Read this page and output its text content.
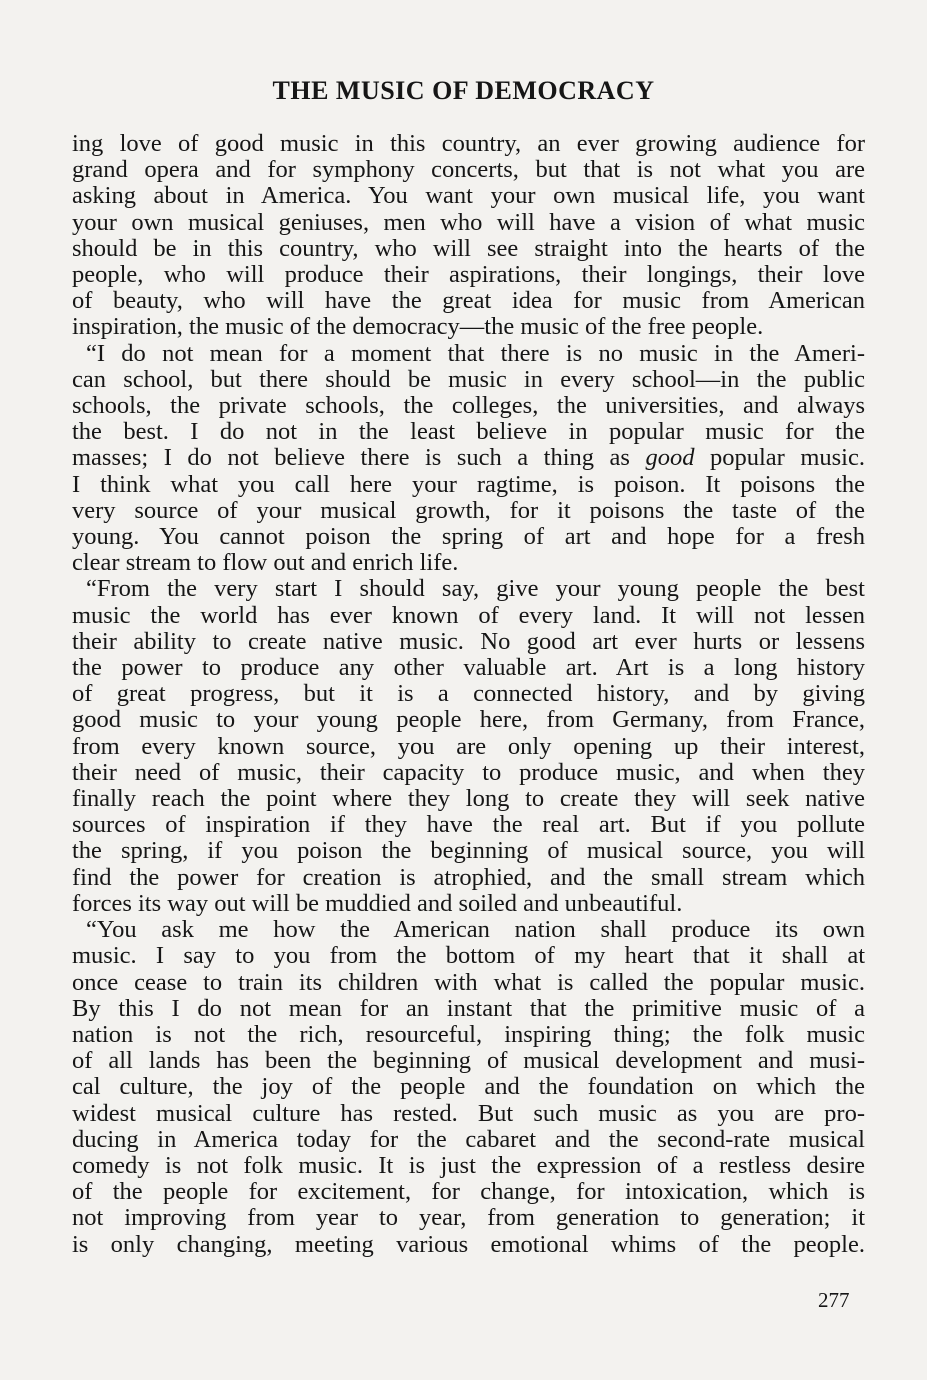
THE MUSIC OF DEMOCRACY
ing love of good music in this country, an ever growing audience for
grand opera and for symphony concerts, but that is not what you are
asking about in America. You want your own musical life, you want
your own musical geniuses, men who will have a vision of what music
should be in this country, who will see straight into the hearts of the
people, who will produce their aspirations, their longings, their love
of beauty, who will have the great idea for music from American
inspiration, the music of the democracy—the music of the free people.
“I do not mean for a moment that there is no music in the Ameri-
can school, but there should be music in every school—in the public
schools, the private schools, the colleges, the universities, and always
the best. I do not in the least believe in popular music for the
masses; I do not believe there is such a thing as good popular music.
I think what you call here your ragtime, is poison. It poisons the
very source of your musical growth, for it poisons the taste of the
young. You cannot poison the spring of art and hope for a fresh
clear stream to flow out and enrich life.
“From the very start I should say, give your young people the best
music the world has ever known of every land. It will not lessen
their ability to create native music. No good art ever hurts or lessens
the power to produce any other valuable art. Art is a long history
of great progress, but it is a connected history, and by giving
good music to your young people here, from Germany, from France,
from every known source, you are only opening up their interest,
their need of music, their capacity to produce music, and when they
finally reach the point where they long to create they will seek native
sources of inspiration if they have the real art. But if you pollute
the spring, if you poison the beginning of musical source, you will
find the power for creation is atrophied, and the small stream which
forces its way out will be muddied and soiled and unbeautiful.
“You ask me how the American nation shall produce its own
music. I say to you from the bottom of my heart that it shall at
once cease to train its children with what is called the popular music.
By this I do not mean for an instant that the primitive music of a
nation is not the rich, resourceful, inspiring thing; the folk music
of all lands has been the beginning of musical development and musi-
cal culture, the joy of the people and the foundation on which the
widest musical culture has rested. But such music as you are pro-
ducing in America today for the cabaret and the second-rate musical
comedy is not folk music. It is just the expression of a restless desire
of the people for excitement, for change, for intoxication, which is
not improving from year to year, from generation to generation; it
is only changing, meeting various emotional whims of the people.
277
